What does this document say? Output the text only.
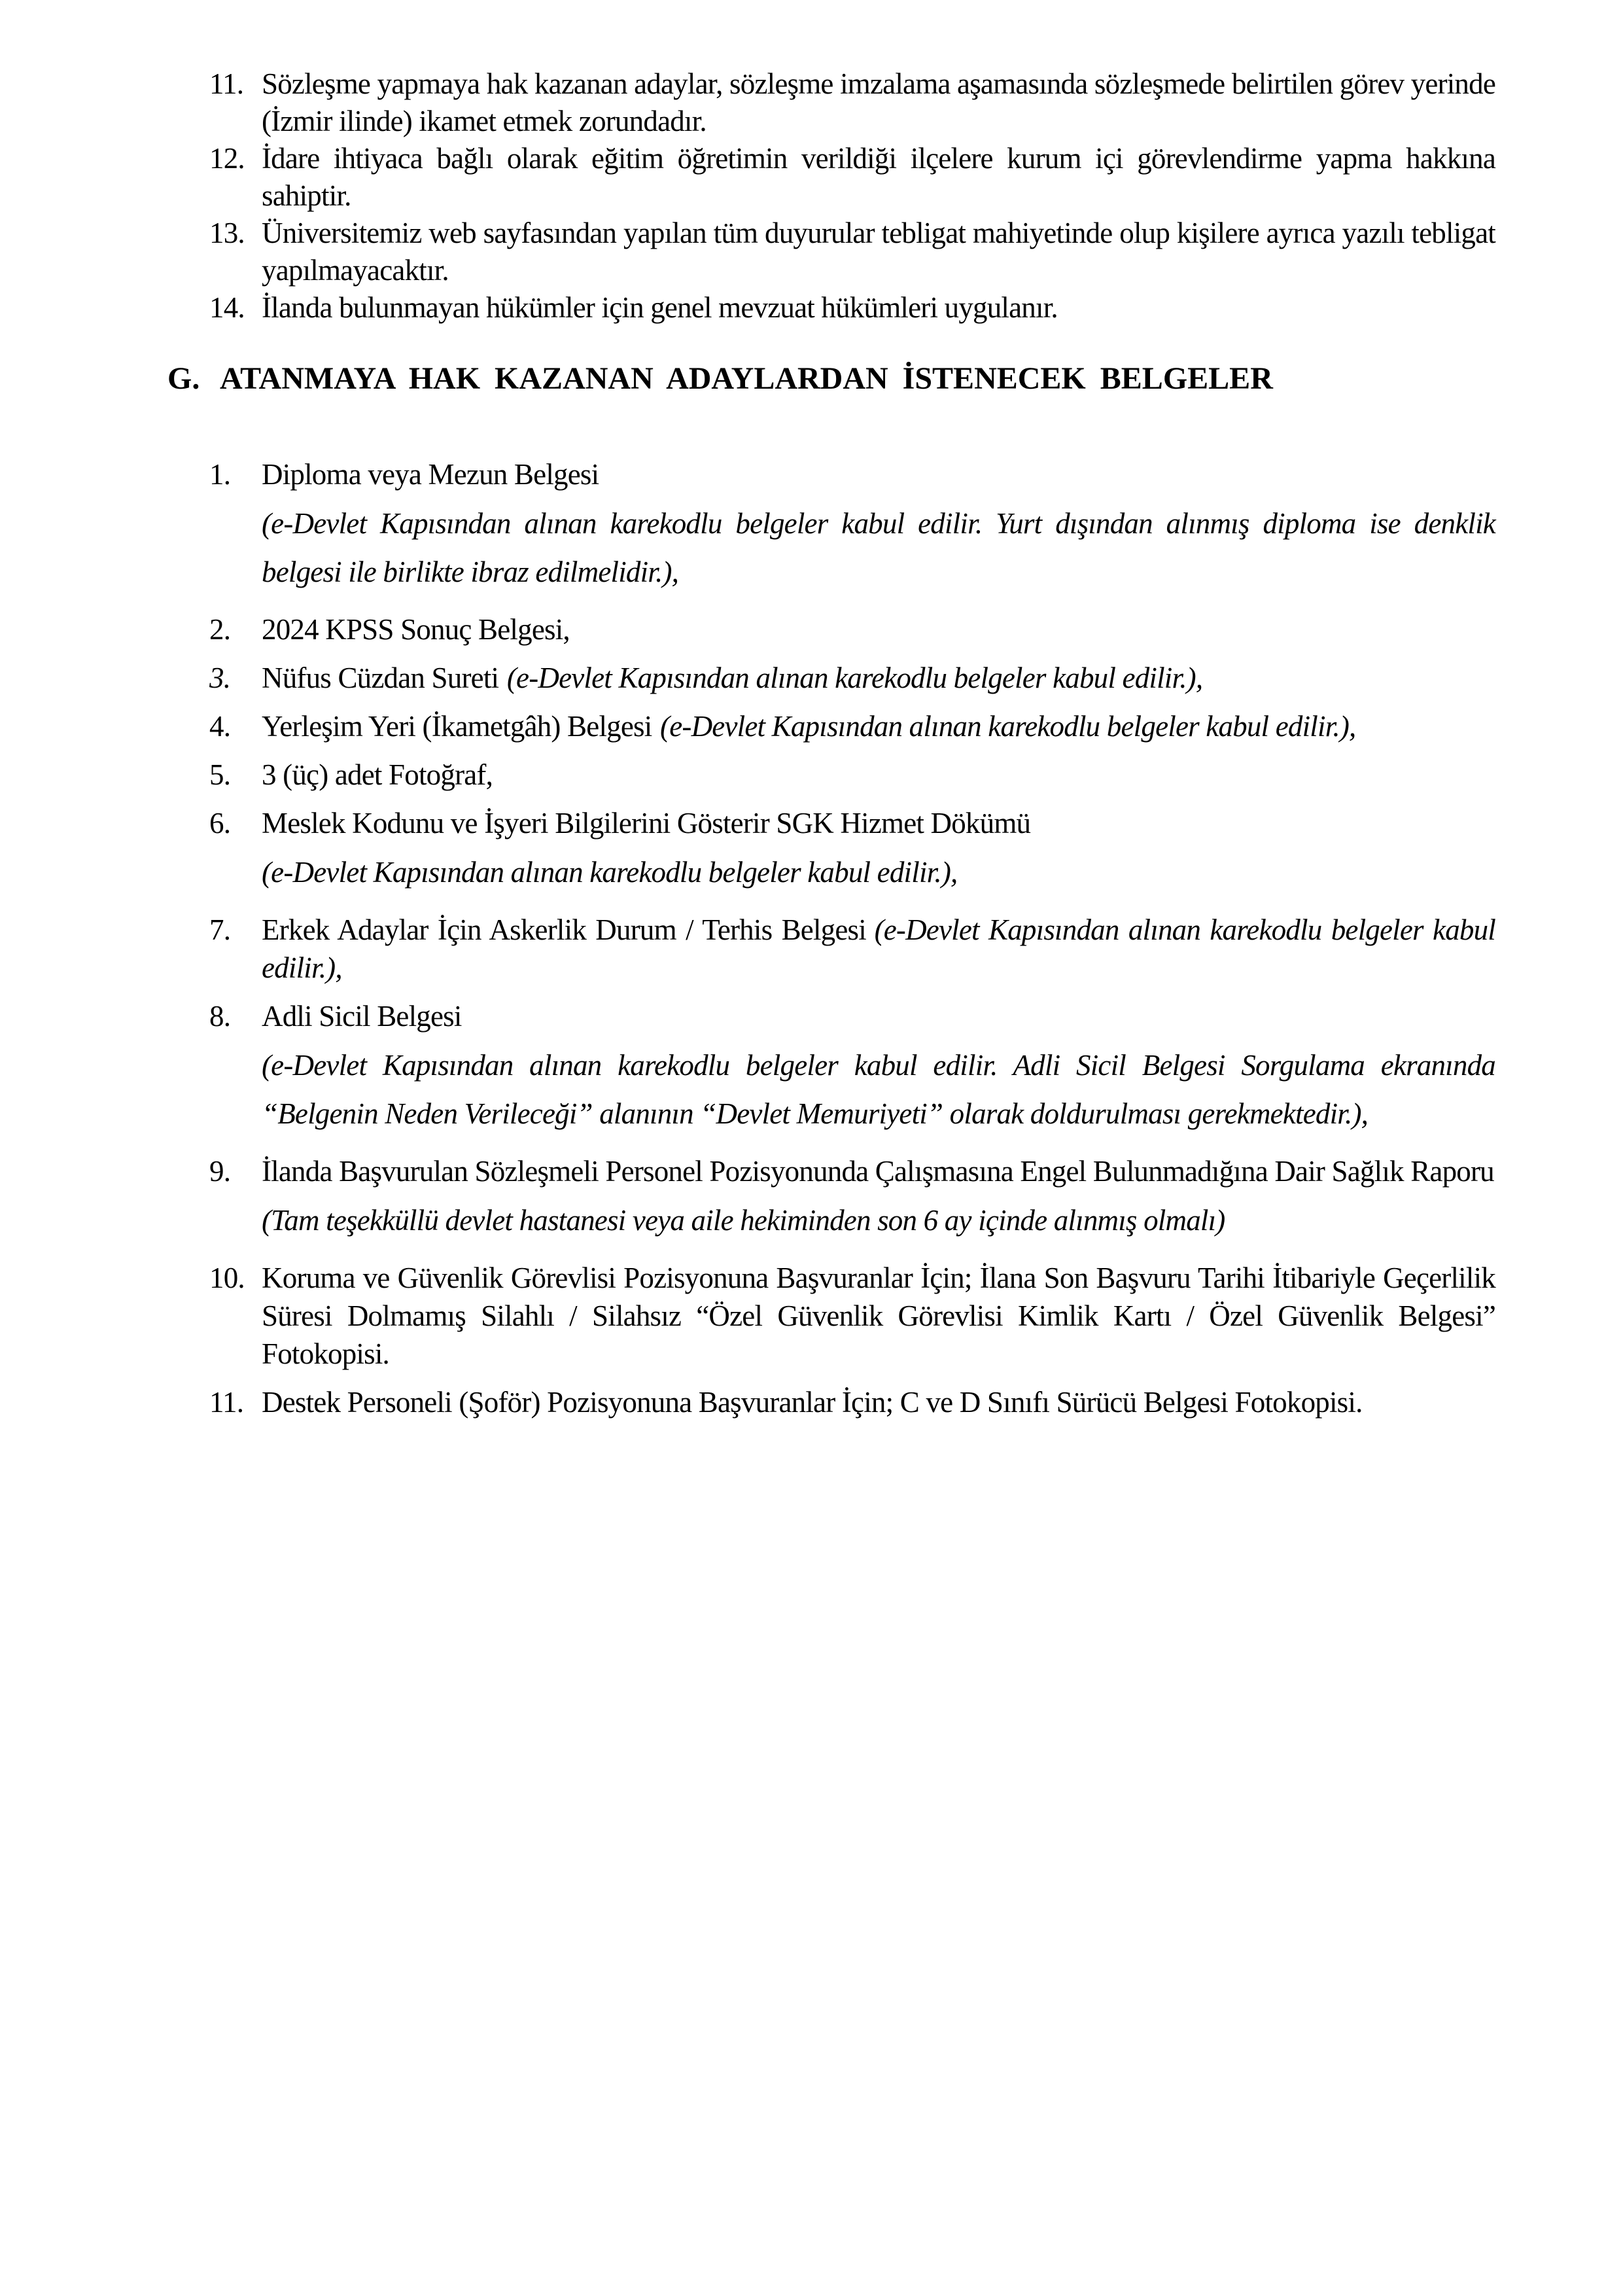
11. Sözleşme yapmaya hak kazanan adaylar, sözleşme imzalama aşamasında sözleşmede belirtilen görev yerinde (İzmir ilinde) ikamet etmek zorundadır.

12. İdare ihtiyaca bağlı olarak eğitim öğretimin verildiği ilçelere kurum içi görevlendirme yapma hakkına sahiptir.

13. Üniversitemiz web sayfasından yapılan tüm duyurular tebligat mahiyetinde olup kişilere ayrıca yazılı tebligat yapılmayacaktır.

14. İlanda bulunmayan hükümler için genel mevzuat hükümleri uygulanır.

G. ATANMAYA HAK KAZANAN ADAYLARDAN İSTENECEK BELGELER
1.	Diploma veya Mezun Belgesi

(e-Devlet Kapısından alınan karekodlu belgeler kabul edilir. Yurt dışından alınmış diploma ise denklik belgesi ile birlikte ibraz edilmelidir.),

2.	2024 KPSS Sonuç Belgesi,

3.	Nüfus Cüzdan Sureti (e-Devlet Kapısından alınan karekodlu belgeler kabul edilir.),

4.	Yerleşim Yeri (İkametgâh) Belgesi (e-Devlet Kapısından alınan karekodlu belgeler kabul edilir.),

5.	3 (üç) adet Fotoğraf,

6.	Meslek Kodunu ve İşyeri Bilgilerini Gösterir SGK Hizmet Dökümü

(e-Devlet Kapısından alınan karekodlu belgeler kabul edilir.),

7.	Erkek Adaylar İçin Askerlik Durum / Terhis Belgesi (e-Devlet Kapısından alınan karekodlu belgeler kabul edilir.),

8.	Adli Sicil Belgesi

(e-Devlet Kapısından alınan karekodlu belgeler kabul edilir. Adli Sicil Belgesi Sorgulama ekranında “Belgenin Neden Verileceği” alanının “Devlet Memuriyeti” olarak doldurulması gerekmektedir.),

9.	İlanda Başvurulan Sözleşmeli Personel Pozisyonunda Çalışmasına Engel Bulunmadığına Dair Sağlık Raporu

(Tam teşekküllü devlet hastanesi veya aile hekiminden son 6 ay içinde alınmış olmalı)

10. Koruma ve Güvenlik Görevlisi Pozisyonuna Başvuranlar İçin; İlana Son Başvuru Tarihi İtibariyle Geçerlilik Süresi Dolmamış Silahlı / Silahsız “Özel Güvenlik Görevlisi Kimlik Kartı / Özel Güvenlik Belgesi” Fotokopisi.

11. Destek Personeli (Şoför) Pozisyonuna Başvuranlar İçin; C ve D Sınıfı Sürücü Belgesi Fotokopisi.
